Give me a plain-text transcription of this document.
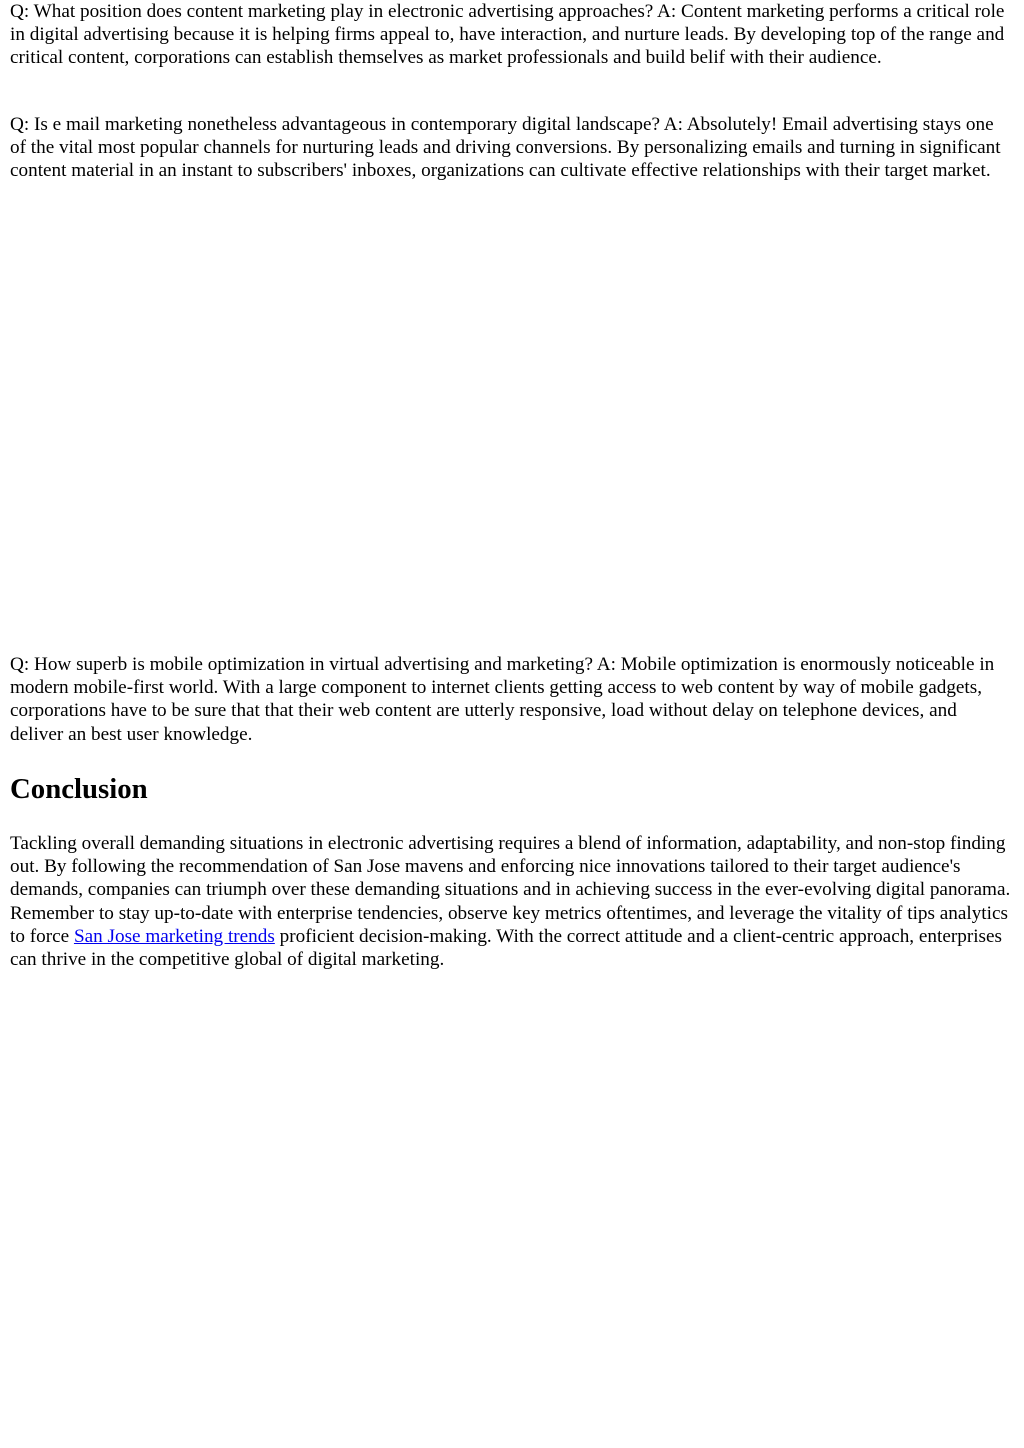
Q: What position does content marketing play in electronic advertising approaches? A: Content marketing performs a critical role in digital advertising because it is helping firms appeal to, have interaction, and nurture leads. By developing top of the range and critical content, corporations can establish themselves as market professionals and build belif with their audience.

Q: Is e mail marketing nonetheless advantageous in contemporary digital landscape? A: Absolutely! Email advertising stays one of the vital most popular channels for nurturing leads and driving conversions. By personalizing emails and turning in significant content material in an instant to subscribers' inboxes, organizations can cultivate effective relationships with their target market.

Q: How superb is mobile optimization in virtual advertising and marketing? A: Mobile optimization is enormously noticeable in modern mobile-first world. With a large component to internet clients getting access to web content by way of mobile gadgets, corporations have to be sure that that their web content are utterly responsive, load without delay on telephone devices, and deliver an best user knowledge.

Conclusion

Tackling overall demanding situations in electronic advertising requires a blend of information, adaptability, and non-stop finding out. By following the recommendation of San Jose mavens and enforcing nice innovations tailored to their target audience's demands, companies can triumph over these demanding situations and in achieving success in the ever-evolving digital panorama. Remember to stay up-to-date with enterprise tendencies, observe key metrics oftentimes, and leverage the vitality of tips analytics to force San Jose marketing trends proficient decision-making. With the correct attitude and a client-centric approach, enterprises can thrive in the competitive global of digital marketing.
